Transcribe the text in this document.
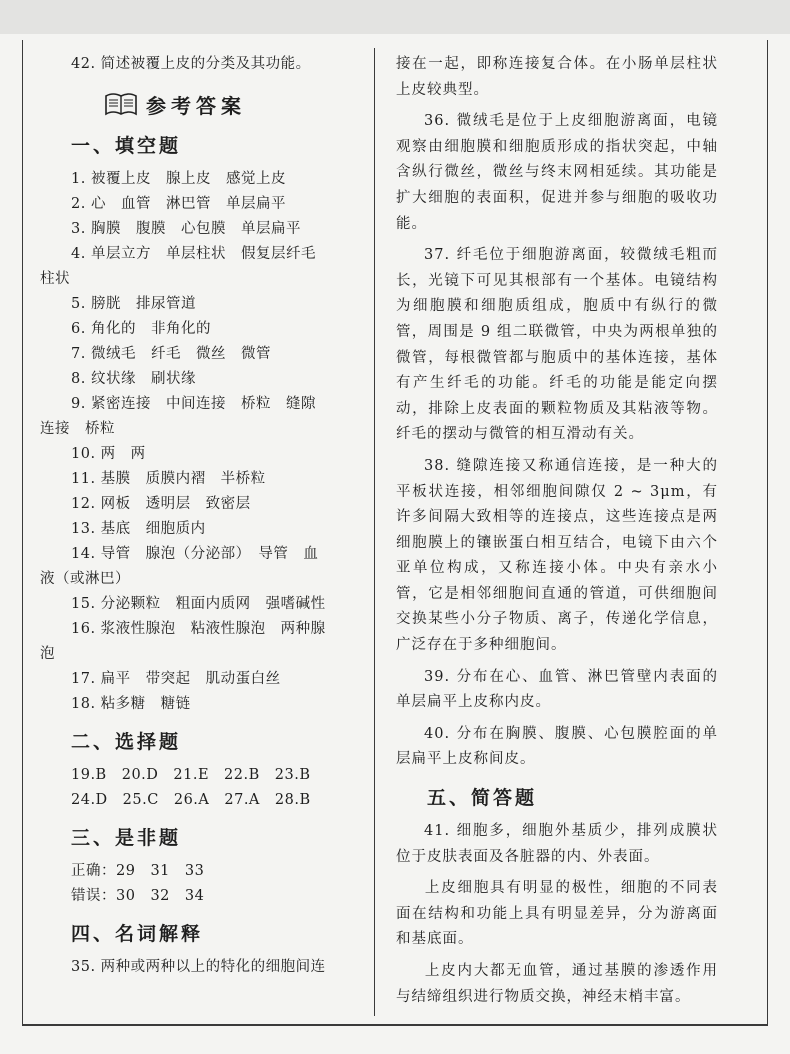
42. 简述被覆上皮的分类及其功能。
参考答案
一、填空题
1. 被覆上皮　腺上皮　感觉上皮
2. 心　血管　淋巴管　单层扁平
3. 胸膜　腹膜　心包膜　单层扁平
4. 单层立方　单层柱状　假复层纤毛
柱状
5. 膀胱　排尿管道
6. 角化的　非角化的
7. 微绒毛　纤毛　微丝　微管
8. 纹状缘　刷状缘
9. 紧密连接　中间连接　桥粒　缝隙
连接　桥粒
10. 两　两
11. 基膜　质膜内褶　半桥粒
12. 网板　透明层　致密层
13. 基底　细胞质内
14. 导管　腺泡（分泌部）　导管　血
液（或淋巴）
15. 分泌颗粒　粗面内质网　强嗜碱性
16. 浆液性腺泡　粘液性腺泡　两种腺
泡
17. 扁平　带突起　肌动蛋白丝
18. 粘多糖　糖链
二、选择题
19.B　20.D　21.E　22.B　23.B
24.D　25.C　26.A　27.A　28.B
三、是非题
正确：29　31　33
错误：30　32　34
四、名词解释
35. 两种或两种以上的特化的细胞间连
接在一起，即称连接复合体。在小肠单层柱状上皮较典型。
36. 微绒毛是位于上皮细胞游离面，电镜观察由细胞膜和细胞质形成的指状突起，中轴含纵行微丝，微丝与终末网相延续。其功能是扩大细胞的表面积，促进并参与细胞的吸收功能。
37. 纤毛位于细胞游离面，较微绒毛粗而长，光镜下可见其根部有一个基体。电镜结构为细胞膜和细胞质组成，胞质中有纵行的微管，周围是 9 组二联微管，中央为两根单独的微管，每根微管都与胞质中的基体连接，基体有产生纤毛的功能。纤毛的功能是能定向摆动，排除上皮表面的颗粒物质及其粘液等物。纤毛的摆动与微管的相互滑动有关。
38. 缝隙连接又称通信连接，是一种大的平板状连接，相邻细胞间隙仅 2 ~ 3μm，有许多间隔大致相等的连接点，这些连接点是两细胞膜上的镶嵌蛋白相互结合，电镜下由六个亚单位构成，又称连接小体。中央有亲水小管，它是相邻细胞间直通的管道，可供细胞间交换某些小分子物质、离子，传递化学信息，广泛存在于多种细胞间。
39. 分布在心、血管、淋巴管壁内表面的单层扁平上皮称内皮。
40. 分布在胸膜、腹膜、心包膜腔面的单层扁平上皮称间皮。
五、简答题
41. 细胞多，细胞外基质少，排列成膜状位于皮肤表面及各脏器的内、外表面。
上皮细胞具有明显的极性，细胞的不同表面在结构和功能上具有明显差异，分为游离面和基底面。
上皮内大都无血管，通过基膜的渗透作用与结缔组织进行物质交换，神经末梢丰富。
